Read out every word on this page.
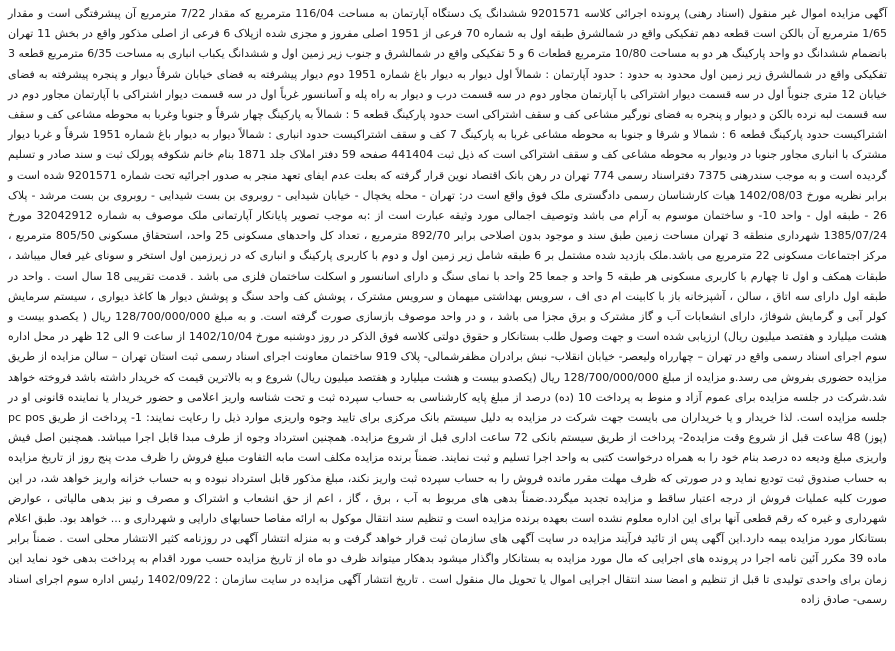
آگهی مزایده اموال غیر منقول (اسناد رهنی) پرونده اجرائی کلاسه 9201571 ششدانگ یک دستگاه آپارتمان به مساحت 116/04 مترمربع که مقدار 7/22 مترمربع آن پیشرفتگی است و مقدار 1/65 مترمربع آن بالکن است قطعه دهم تفکیکی واقع در شمالشرق طبقه اول به شماره 70 فرعی از 1951 اصلی مفروز و مجزی شده ازپلاک 6 فرعی از اصلی مذکور واقع در بخش 11 تهران بانضمام ششدانگ دو واحد پارکینگ هر دو به مساحت 10/80 مترمربع قطعات 6 و 5 تفکیکی واقع در شمالشرق و جنوب زیر زمین اول و ششدانگ یکباب انباری به مساحت 6/35 مترمربع قطعه 3 تفکیکی واقع در شمالشرق زیر زمین اول محدود به حدود : حدود آپارتمان : شمالاً اول دیوار به دیوار باغ شماره 1951 دوم دیوار پیشرفته به فضای خیابان شرقاً دیوار و پنجره پیشرفته به فضای خیابان 12 متری جنوباً اول در سه قسمت دیوار اشتراکی با آپارتمان مجاور دوم در سه قسمت درب و دیوار به راه پله و آسانسور غرباً اول در سه قسمت دیوار اشتراکی با آپارتمان مجاور دوم در سه قسمت لبه نرده بالکن و دیوار و پنجره به فضای نورگیر مشاعی کف و سقف اشتراکی است حدود پارکینگ قطعه 5 : شمالاً به پارکینگ چهار شرقاً و جنوبا وغربا به محوطه مشاعی کف و سقف اشتراکیست حدود پارکینگ قطعه 6 : شمالا و شرقا و جنوبا به محوطه مشاعی غربا به پارکینگ 7 کف و سقف اشتراکیست حدود انباری : شمالاً دیوار به دیوار باغ شماره 1951 شرقاً و غربا دیوار مشترک با انباری مجاور جنوبا در ودیوار به محوطه مشاعی کف و سقف اشتراکی است که ذیل ثبت 441404 صفحه 59 دفتر املاک جلد 1871 بنام خانم شکوفه پورلک ثبت و سند صادر و تسلیم گردیده است و به موجب سندرهنی 7375 دفتراسناد رسمی 774 تهران در رهن بانک اقتصاد نوین قرار گرفته که بعلت عدم ایفای تعهد منجر به صدور اجرائیه تحت شماره 9201571 شده است و برابر نظریه مورخ 1402/08/03 هیات کارشناسان رسمی دادگستری ملک فوق واقع است در: تهران - محله یخچال - خیابان شیدایی - روبروی بن بست شیدایی - روبروی بن بست مرشد - پلاک 26 - طبقه اول - واحد 10- و ساختمان موسوم به آرام می باشد وتوصیف اجمالی مورد وثیقه عبارت است از :به موجب تصویر پایانکار آپارتمانی ملک موصوف به شماره 32042912 مورخ 1385/07/24 شهرداری منطقه 3 تهران مساحت زمین طبق سند و موجود بدون اصلاحی برابر 892/70 مترمربع ، تعداد کل واحدهای مسکونی 25 واحد، استحقاق مسکونی 805/50 مترمربع ، مرکز اجتماعات مسکونی 22 مترمربع می باشد.ملک بازدید شده مشتمل بر 6 طبقه شامل زیر زمین اول و دوم با کاربری پارکینگ و انباری که در زیرزمین اول استخر و سونای غیر فعال میباشد ، طبقات همکف و اول تا چهارم با کاربری مسکونی هر طبقه 5 واحد و جمعا 25 واحد با نمای سنگ و دارای اسانسور و اسکلت ساختمان فلزی می باشد . قدمت تقریبی 18 سال است . واحد در طبقه اول دارای سه اتاق ، سالن ، آشپزخانه باز با کابینت ام دی اف ، سرویس بهداشتی میهمان و سرویس مشترک ، پوشش کف واحد سنگ و پوشش دیوار ها کاغذ دیواری ، سیستم سرمایش کولر آبی و گرمایش شوفاژ، دارای انشعابات آب و گاز مشترک و برق مجزا می باشد ، و در واحد موصوف بازسازی صورت گرفته است. و به مبلغ 128/700/000/000 ریال ( یکصدو بیست و هشت میلیارد و هفتصد میلیون ریال) ارزیابی شده است و جهت وصول طلب بستانکار و حقوق دولتی کلاسه فوق الذکر در روز دوشنبه مورخ 1402/10/04 از ساعت 9 الی 12 ظهر در محل اداره سوم اجرای اسناد رسمی واقع در تهران – چهارراه ولیعصر- خیابان انقلاب- نبش برادران مظفرشمالی- پلاک 919 ساختمان معاونت اجرای اسناد رسمی ثبت استان تهران – سالن مزایده از طریق مزایده حضوری بفروش می رسد.و مزایده از مبلغ 128/700/000/000 ریال (یکصدو بیست و هشت میلیارد و هفتصد میلیون ریال) شروع و به بالاترین قیمت که خریدار داشته باشد فروخته خواهد شد.شرکت در جلسه مزایده برای عموم آزاد و منوط به پرداخت 10 (ده) درصد از مبلغ پایه کارشناسی به حساب سپرده ثبت و تحت شناسه واریز اعلامی و حضور خریدار یا نماینده قانونی او در جلسه مزایده است. لذا خریدار و یا خریداران می بایست جهت شرکت در مزایده به دلیل سیستم بانک مرکزی برای تایید وجوه واریزی موارد ذیل را رعایت نمایند: 1- پرداخت از طریق pc pos (پوز) 48 ساعت قبل از شروع وقت مزایده2- پرداخت از طریق سیستم بانکی 72 ساعت اداری قبل از شروع مزایده. همچنین استرداد وجوه از طرف مبدا قابل اجرا میباشد. همچنین اصل فیش واریزی مبلغ ودیعه ده درصد بنام خود را به همراه درخواست کتبی به واحد اجرا تسلیم و ثبت نمایند. ضمناً برنده مزایده مکلف است مابه التفاوت مبلغ فروش را ظرف مدت پنج روز از تاریخ مزایده به حساب صندوق ثبت تودیع نماید و در صورتی که ظرف مهلت مقرر مانده فروش را به حساب سپرده ثبت واریز نکند، مبلغ مذکور قابل استرداد نبوده و به حساب خزانه واریز خواهد شد، در این صورت کلیه عملیات فروش از درجه اعتبار ساقط و مزایده تجدید میگردد.ضمناً بدهی های مربوط به آب ، برق ، گاز ، اعم از حق انشعاب و اشتراک و مصرف و نیز بدهی مالیاتی ، عوارض شهرداری و غیره که رقم قطعی آنها برای این اداره معلوم نشده است بعهده برنده مزایده است و تنظیم سند انتقال موکول به ارائه مفاصا حسابهای دارایی و شهرداری و ... خواهد بود. طبق اعلام بستانکار مورد مزایده بیمه دارد.این آگهی پس از تائید فرآیند مزایده در سایت آگهی های سازمان ثبت قرار خواهد گرفت و به منزله انتشار آگهی در روزنامه کثیر الانتشار محلی است . ضمناً برابر ماده 39 مکرر آئین نامه اجرا در پرونده های اجرایی که مال مورد مزایده به بستانکار واگذار میشود بدهکار میتواند ظرف دو ماه از تاریخ مزایده حسب مورد اقدام به پرداخت بدهی خود نماید این زمان برای واحدی تولیدی تا قبل از تنظیم و امضا سند انتقال اجرایی اموال یا تحویل مال منقول است . تاریخ انتشار آگهی مزایده در سایت سازمان : 1402/09/22 رئیس اداره سوم اجرای اسناد رسمی- صادق زاده
